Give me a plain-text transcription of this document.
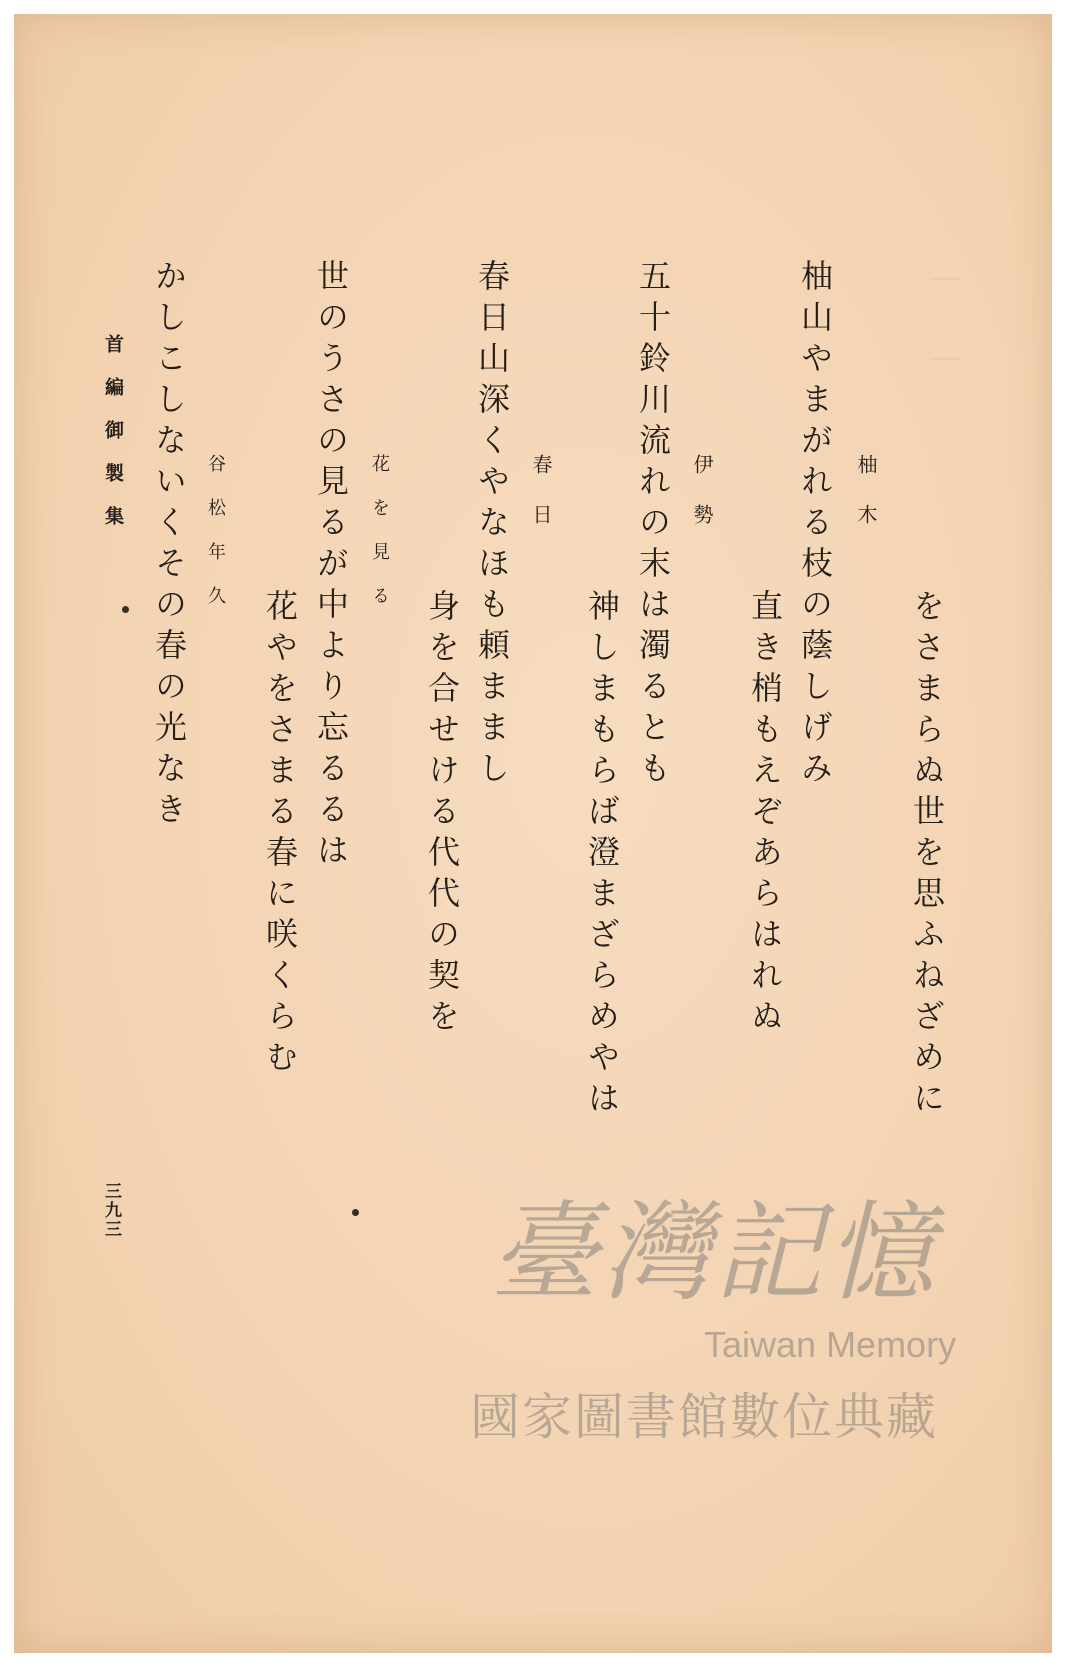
｜　｜
をさまらぬ世を思ふねざめに
柚木
柚山やまがれる枝の蔭しげみ
直き梢もえぞあらはれぬ
伊勢
五十鈴川流れの末は濁るとも
神しまもらば澄まざらめやは
春日
春日山深くやなほも頼ままし
身を合せける代代の契を
花を見る
世のうさの見るが中より忘るるは
花やをさまる春に咲くらむ
谷松年久
かしこしないくその春の光なき
首編御製集
三九三	臺灣記憶
Taiwan Memory
國家圖書館數位典藏
